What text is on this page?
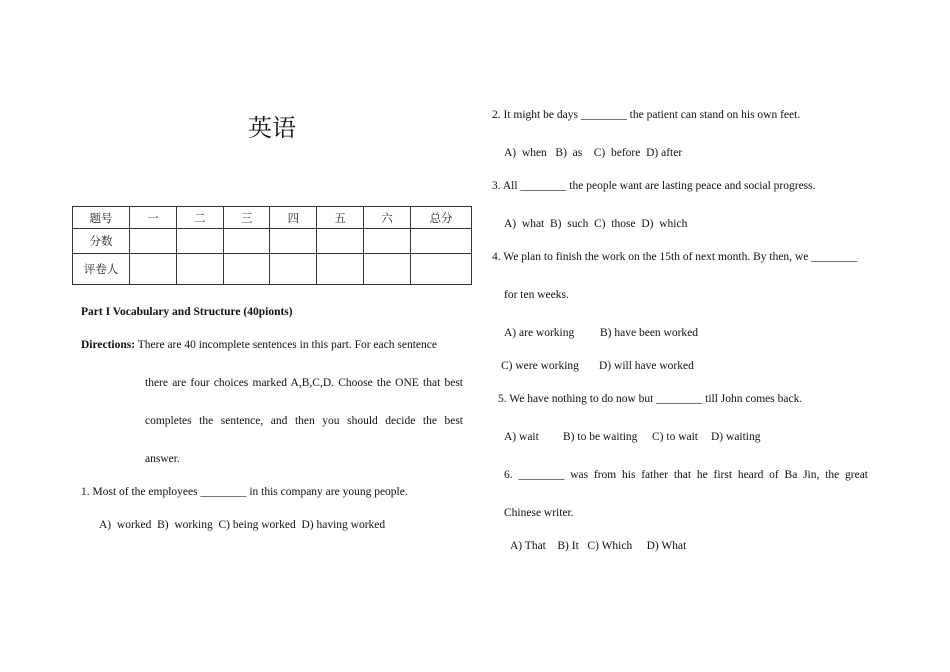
英语
题号	一	二	三	四	五	六	总分
分数							
评卷人							
Part I Vocabulary and Structure (40pionts)
Directions: There are 40 incomplete sentences in this part. For each sentence
there are four choices marked A,B,C,D. Choose the ONE that best
completes the sentence, and then you should decide the best
answer.
1. Most of the employees ________ in this company are young people.
A)  worked  B)  working  C) being worked  D) having worked
2. It might be days ________ the patient can stand on his own feet.
A)  when   B)  as    C)  before  D) after
3. All ________ the people want are lasting peace and social progress.
A)  what  B)  such  C)  those  D)  which
4. We plan to finish the work on the 15th of next month. By then, we ________
for ten weeks.
A) are working B) have been worked
C) were working D) will have worked
5. We have nothing to do now but ________ till John comes back.
A) wait B) to be waiting C) to wait D) waiting
6. ________ was from his father that he first heard of Ba Jin, the great
Chinese writer.
A) That    B) It   C) Which     D) What
